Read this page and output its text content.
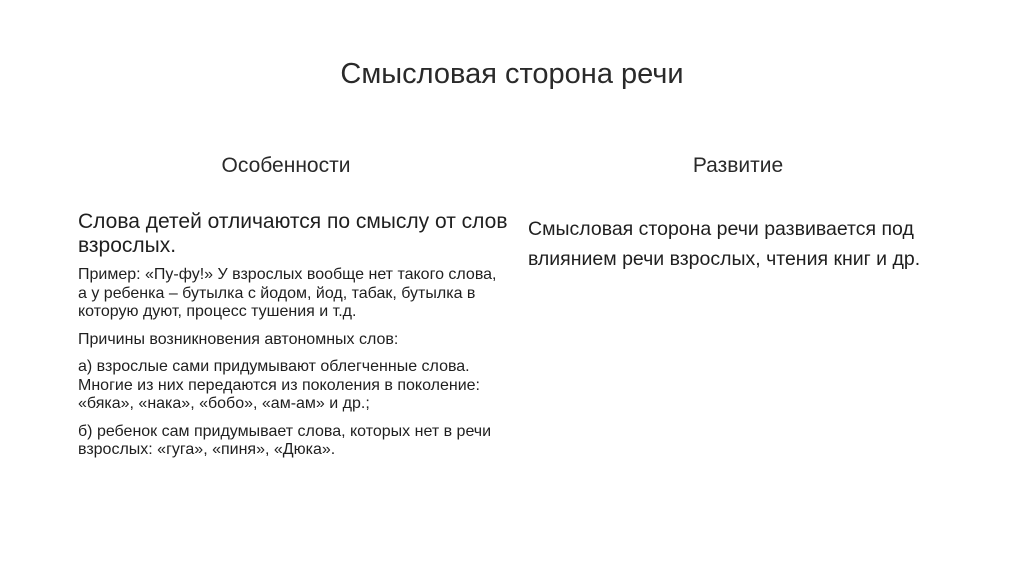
Смысловая сторона речи
Особенности	Развитие

Слова детей отличаются по смыслу от слов взрослых.

Пример: «Пу-фу!» У взрослых вообще нет такого слова, а у ребенка – бутылка с йодом, йод, табак, бутылка в которую дуют, процесс тушения и т.д.

Причины возникновения автономных слов:

а) взрослые сами придумывают облегченные слова. Многие из них передаются из поколения в поколение: «бяка», «нака», «бобо», «ам-ам» и др.;

б) ребенок сам придумывает слова, которых нет в речи взрослых: «гуга», «пиня», «Дюка».

Смысловая сторона речи развивается под влиянием речи взрослых, чтения книг и др.
